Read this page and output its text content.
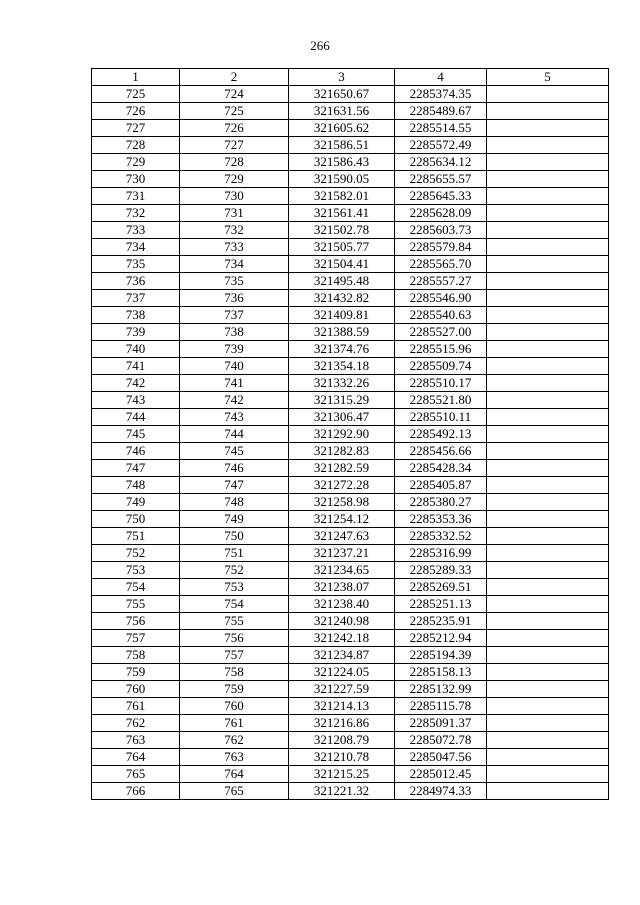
266
1	2	3	4	5
725	724	321650.67	2285374.35	
726	725	321631.56	2285489.67	
727	726	321605.62	2285514.55	
728	727	321586.51	2285572.49	
729	728	321586.43	2285634.12	
730	729	321590.05	2285655.57	
731	730	321582.01	2285645.33	
732	731	321561.41	2285628.09	
733	732	321502.78	2285603.73	
734	733	321505.77	2285579.84	
735	734	321504.41	2285565.70	
736	735	321495.48	2285557.27	
737	736	321432.82	2285546.90	
738	737	321409.81	2285540.63	
739	738	321388.59	2285527.00	
740	739	321374.76	2285515.96	
741	740	321354.18	2285509.74	
742	741	321332.26	2285510.17	
743	742	321315.29	2285521.80	
744	743	321306.47	2285510.11	
745	744	321292.90	2285492.13	
746	745	321282.83	2285456.66	
747	746	321282.59	2285428.34	
748	747	321272.28	2285405.87	
749	748	321258.98	2285380.27	
750	749	321254.12	2285353.36	
751	750	321247.63	2285332.52	
752	751	321237.21	2285316.99	
753	752	321234.65	2285289.33	
754	753	321238.07	2285269.51	
755	754	321238.40	2285251.13	
756	755	321240.98	2285235.91	
757	756	321242.18	2285212.94	
758	757	321234.87	2285194.39	
759	758	321224.05	2285158.13	
760	759	321227.59	2285132.99	
761	760	321214.13	2285115.78	
762	761	321216.86	2285091.37	
763	762	321208.79	2285072.78	
764	763	321210.78	2285047.56	
765	764	321215.25	2285012.45	
766	765	321221.32	2284974.33	
